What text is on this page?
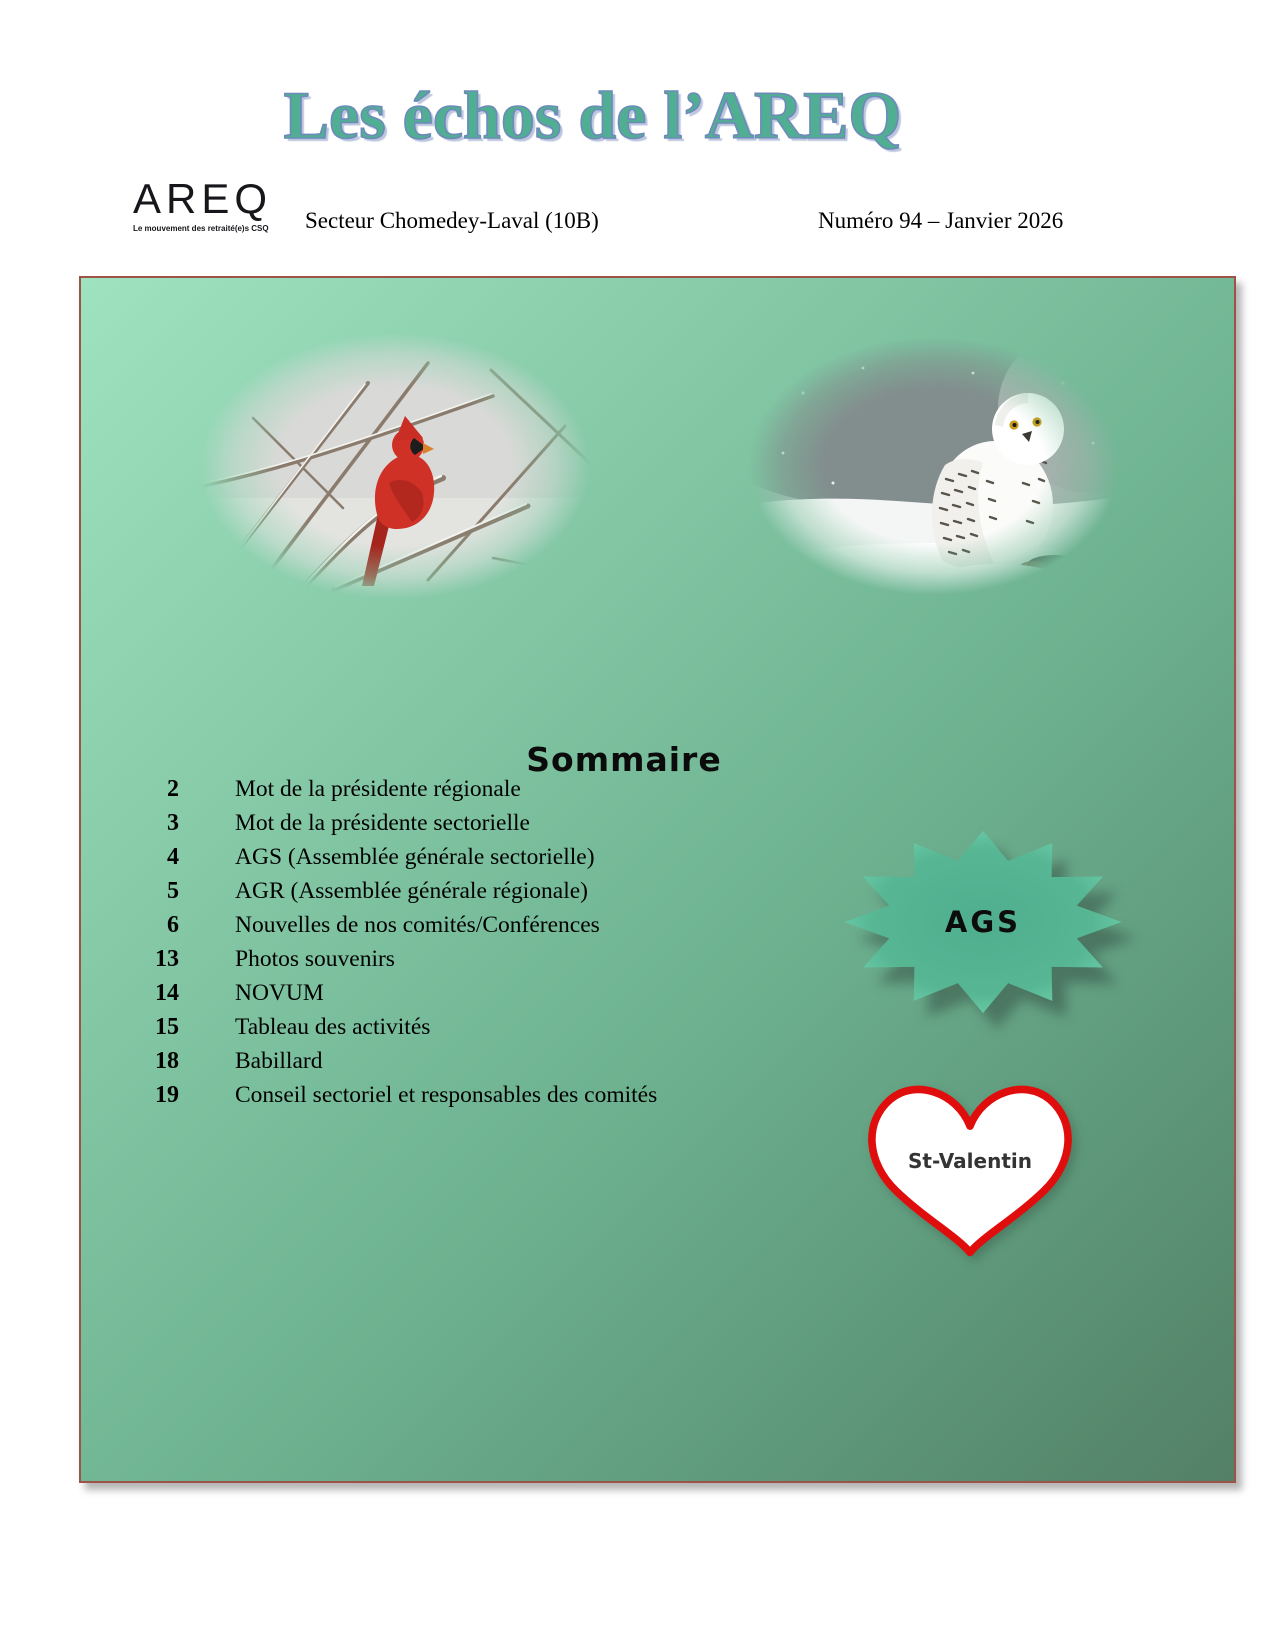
Les échos de l’AREQ
AREQ
Le mouvement des retraité(e)s CSQ	Secteur Chomedey-Laval (10B)	Numéro 94 – Janvier 2026
Sommaire
2 Mot de la présidente régionale
3 Mot de la présidente sectorielle
4 AGS (Assemblée générale sectorielle)
5 AGR (Assemblée générale régionale)
6 Nouvelles de nos comités/Conférences
13 Photos souvenirs
14 NOVUM
15 Tableau des activités
18 Babillard
19 Conseil sectoriel et responsables des comités
AGS
St-Valentin
